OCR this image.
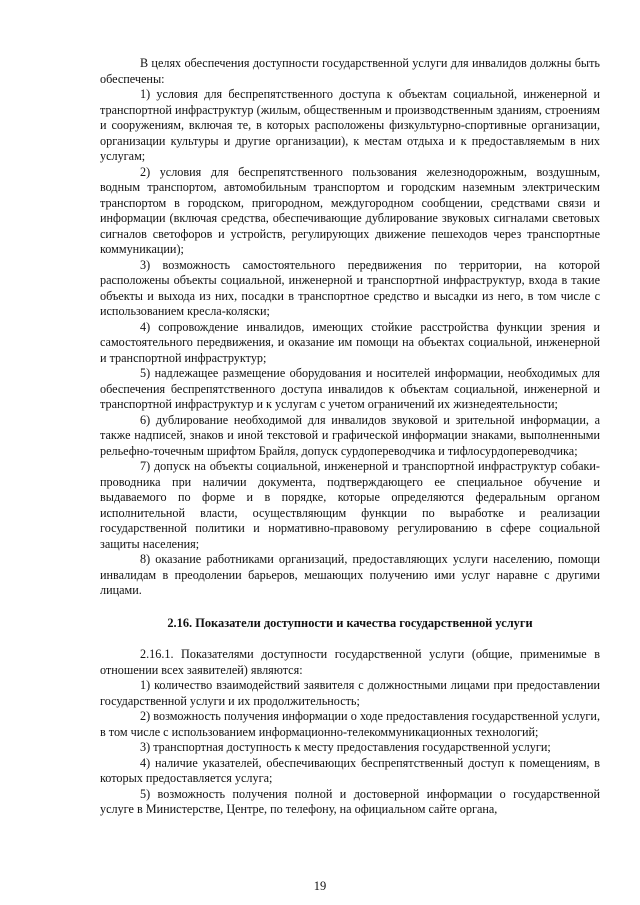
В целях обеспечения доступности государственной услуги для инвалидов должны быть обеспечены:

1) условия для беспрепятственного доступа к объектам социальной, инженерной и транспортной инфраструктур (жилым, общественным и производственным зданиям, строениям и сооружениям, включая те, в которых расположены физкультурно-спортивные организации, организации культуры и другие организации), к местам отдыха и к предоставляемым в них услугам;

2) условия для беспрепятственного пользования железнодорожным, воздушным, водным транспортом, автомобильным транспортом и городским наземным электрическим транспортом в городском, пригородном, междугородном сообщении, средствами связи и информации (включая средства, обеспечивающие дублирование звуковых сигналами световых сигналов светофоров и устройств, регулирующих движение пешеходов через транспортные коммуникации);

3) возможность самостоятельного передвижения по территории, на которой расположены объекты социальной, инженерной и транспортной инфраструктур, входа в такие объекты и выхода из них, посадки в транспортное средство и высадки из него, в том числе с использованием кресла-коляски;

4) сопровождение инвалидов, имеющих стойкие расстройства функции зрения и самостоятельного передвижения, и оказание им помощи на объектах социальной, инженерной и транспортной инфраструктур;

5) надлежащее размещение оборудования и носителей информации, необходимых для обеспечения беспрепятственного доступа инвалидов к объектам социальной, инженерной и транспортной инфраструктур и к услугам с учетом ограничений их жизнедеятельности;

6) дублирование необходимой для инвалидов звуковой и зрительной информации, а также надписей, знаков и иной текстовой и графической информации знаками, выполненными рельефно-точечным шрифтом Брайля, допуск сурдопереводчика и тифлосурдопереводчика;

7) допуск на объекты социальной, инженерной и транспортной инфраструктур собаки-проводника при наличии документа, подтверждающего ее специальное обучение и выдаваемого по форме и в порядке, которые определяются федеральным органом исполнительной власти, осуществляющим функции по выработке и реализации государственной политики и нормативно-правовому регулированию в сфере социальной защиты населения;

8) оказание работниками организаций, предоставляющих услуги населению, помощи инвалидам в преодолении барьеров, мешающих получению ими услуг наравне с другими лицами.

2.16. Показатели доступности и качества государственной услуги

2.16.1. Показателями доступности государственной услуги (общие, применимые в отношении всех заявителей) являются:

1) количество взаимодействий заявителя с должностными лицами при предоставлении государственной услуги и их продолжительность;

2) возможность получения информации о ходе предоставления государственной услуги, в том числе с использованием информационно-телекоммуникационных технологий;

3) транспортная доступность к месту предоставления государственной услуги;

4) наличие указателей, обеспечивающих беспрепятственный доступ к помещениям, в которых предоставляется услуга;

5) возможность получения полной и достоверной информации о государственной услуге в Министерстве, Центре, по телефону, на официальном сайте органа,

19
